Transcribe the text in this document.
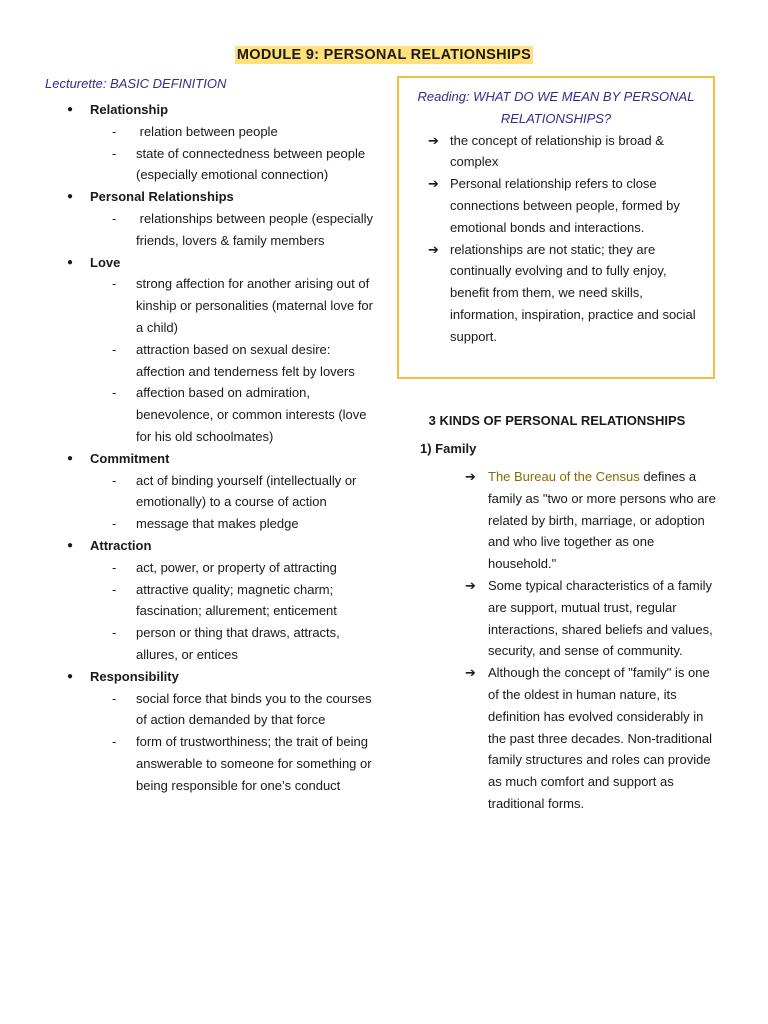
MODULE 9: PERSONAL RELATIONSHIPS
Lecturette: BASIC DEFINITION
● Relationship
- relation between people
- state of connectedness between people (especially emotional connection)
● Personal Relationships
- relationships between people (especially friends, lovers & family members
● Love
- strong affection for another arising out of kinship or personalities (maternal love for a child)
- attraction based on sexual desire: affection and tenderness felt by lovers
- affection based on admiration, benevolence, or common interests (love for his old schoolmates)
● Commitment
- act of binding yourself (intellectually or emotionally) to a course of action
- message that makes pledge
● Attraction
- act, power, or property of attracting
- attractive quality; magnetic charm; fascination; allurement; enticement
- person or thing that draws, attracts, allures, or entices
● Responsibility
- social force that binds you to the courses of action demanded by that force
- form of trustworthiness; the trait of being answerable to someone for something or being responsible for one’s conduct
Reading: WHAT DO WE MEAN BY PERSONAL RELATIONSHIPS?
➔ the concept of relationship is broad & complex
➔ Personal relationship refers to close connections between people, formed by emotional bonds and interactions.
➔ relationships are not static; they are continually evolving and to fully enjoy, benefit from them, we need skills, information, inspiration, practice and social support.
3 KINDS OF PERSONAL RELATIONSHIPS
1) Family
➔ The Bureau of the Census defines a family as "two or more persons who are related by birth, marriage, or adoption and who live together as one household."
➔ Some typical characteristics of a family are support, mutual trust, regular interactions, shared beliefs and values, security, and sense of community.
➔ Although the concept of "family" is one of the oldest in human nature, its definition has evolved considerably in the past three decades. Non-traditional family structures and roles can provide as much comfort and support as traditional forms.
